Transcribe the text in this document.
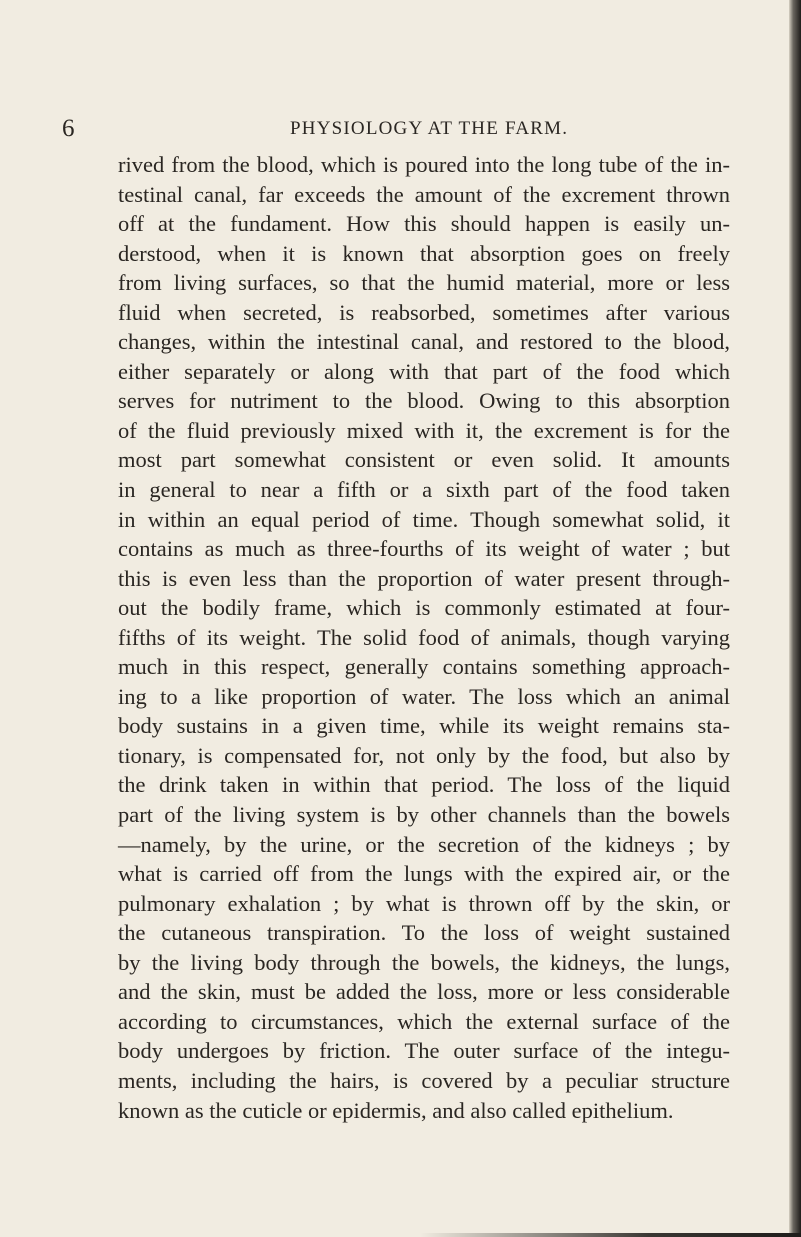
6	PHYSIOLOGY AT THE FARM.
rived from the blood, which is poured into the long tube of the in-
testinal canal, far exceeds the amount of the excrement thrown
off at the fundament. How this should happen is easily un-
derstood, when it is known that absorption goes on freely
from living surfaces, so that the humid material, more or less
fluid when secreted, is reabsorbed, sometimes after various
changes, within the intestinal canal, and restored to the blood,
either separately or along with that part of the food which
serves for nutriment to the blood. Owing to this absorption
of the fluid previously mixed with it, the excrement is for the
most part somewhat consistent or even solid. It amounts
in general to near a fifth or a sixth part of the food taken
in within an equal period of time. Though somewhat solid, it
contains as much as three-fourths of its weight of water ; but
this is even less than the proportion of water present through-
out the bodily frame, which is commonly estimated at four-
fifths of its weight. The solid food of animals, though varying
much in this respect, generally contains something approach-
ing to a like proportion of water. The loss which an animal
body sustains in a given time, while its weight remains sta-
tionary, is compensated for, not only by the food, but also by
the drink taken in within that period. The loss of the liquid
part of the living system is by other channels than the bowels
—namely, by the urine, or the secretion of the kidneys ; by
what is carried off from the lungs with the expired air, or the
pulmonary exhalation ; by what is thrown off by the skin, or
the cutaneous transpiration. To the loss of weight sustained
by the living body through the bowels, the kidneys, the lungs,
and the skin, must be added the loss, more or less considerable
according to circumstances, which the external surface of the
body undergoes by friction. The outer surface of the integu-
ments, including the hairs, is covered by a peculiar structure
known as the cuticle or epidermis, and also called epithelium.
